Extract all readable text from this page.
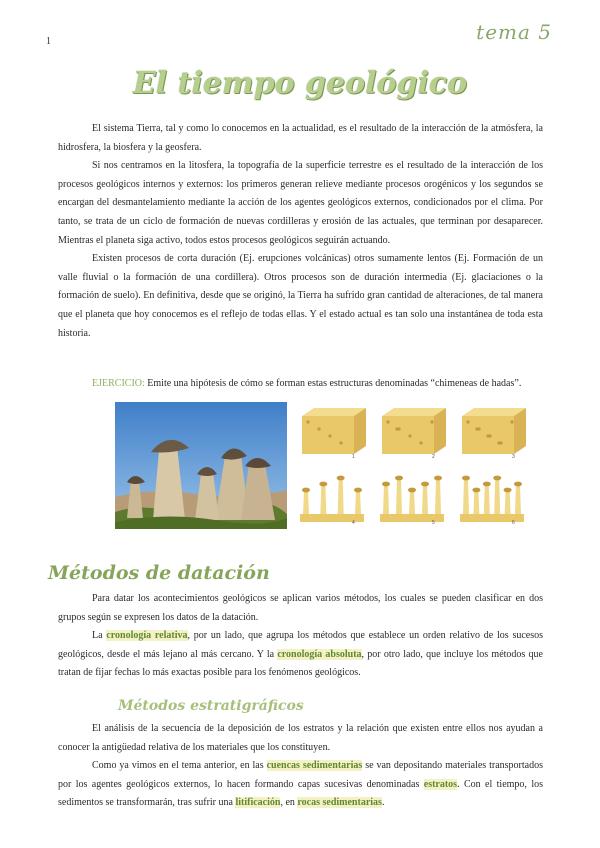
1	tema 5
El tiempo geológico

El sistema Tierra, tal y como lo conocemos en la actualidad, es el resultado de la interacción de la atmósfera, la hidrosfera, la biosfera y la geosfera.

Si nos centramos en la litosfera, la topografía de la superficie terrestre es el resultado de la interacción de los procesos geológicos internos y externos: los primeros generan relieve mediante procesos orogénicos y los segundos se encargan del desmantelamiento mediante la acción de los agentes geológicos externos, condicionados por el clima. Por tanto, se trata de un ciclo de formación de nuevas cordilleras y erosión de las actuales, que terminan por desaparecer. Mientras el planeta siga activo, todos estos procesos geológicos seguirán actuando.

Existen procesos de corta duración (Ej. erupciones volcánicas) otros sumamente lentos (Ej. Formación de un valle fluvial o la formación de una cordillera). Otros procesos son de duración intermedia (Ej. glaciaciones o la formación de suelo). En definitiva, desde que se originó, la Tierra ha sufrido gran cantidad de alteraciones, de tal manera que el planeta que hoy conocemos es el reflejo de todas ellas. Y el estado actual es tan solo una instantánea de toda esta historia.

EJERCICIO: Emite una hipótesis de cómo se forman estas estructuras denominadas “chimeneas de hadas”.

1	2	3
4	5	6
Métodos de datación

Para datar los acontecimientos geológicos se aplican varios métodos, los cuales se pueden clasificar en dos grupos según se expresen los datos de la datación.

La cronología relativa, por un lado, que agrupa los métodos que establece un orden relativo de los sucesos geológicos, desde el más lejano al más cercano. Y la cronología absoluta, por otro lado, que incluye los métodos que tratan de fijar fechas lo más exactas posible para los fenómenos geológicos.

Métodos estratigráficos

El análisis de la secuencia de la deposición de los estratos y la relación que existen entre ellos nos ayudan a conocer la antigüedad relativa de los materiales que los constituyen.

Como ya vimos en el tema anterior, en las cuencas sedimentarias se van depositando materiales transportados por los agentes geológicos externos, lo hacen formando capas sucesivas denominadas estratos. Con el tiempo, los sedimentos se transformarán, tras sufrir una litificación, en rocas sedimentarias.
